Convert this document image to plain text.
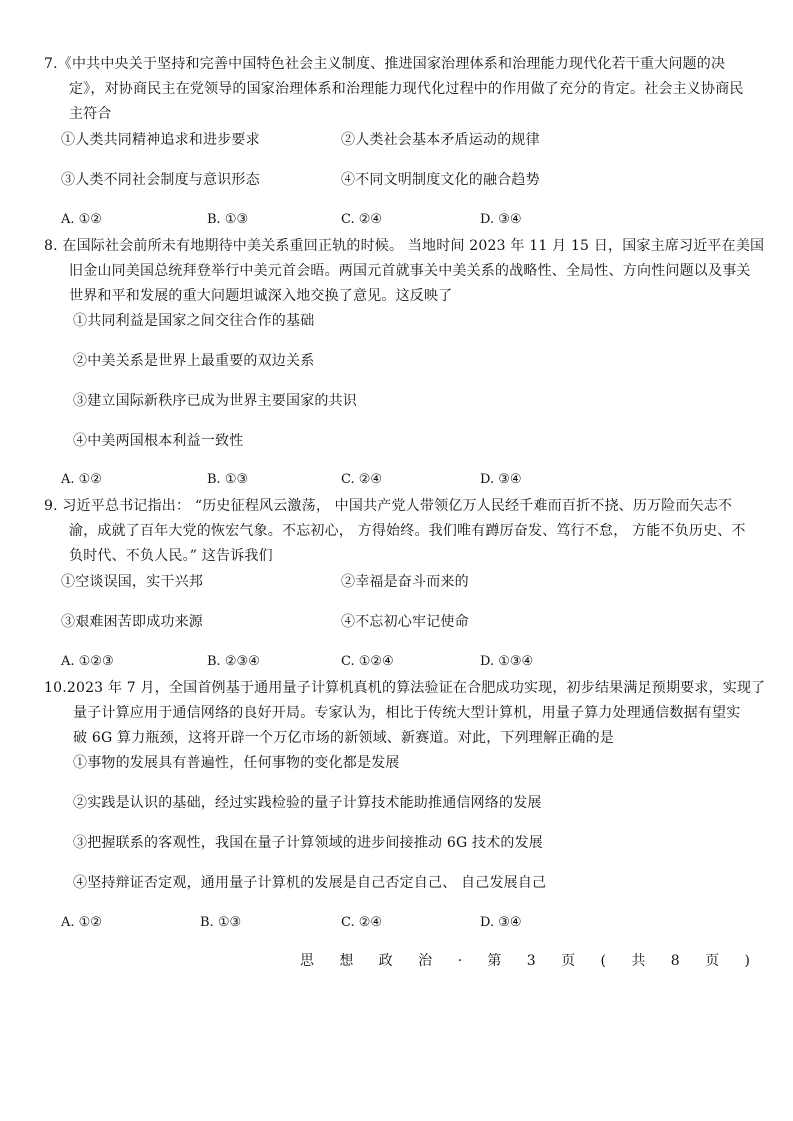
7.《中共中央关于坚持和完善中国特色社会主义制度、推进国家治理体系和治理能力现代化若干重大问题的决
定》，对协商民主在党领导的国家治理体系和治理能力现代化过程中的作用做了充分的肯定。社会主义协商民
主符合
①人类共同精神追求和进步要求	②人类社会基本矛盾运动的规律
③人类不同社会制度与意识形态	④不同文明制度文化的融合趋势
A. ①②	B. ①③	C. ②④	D. ③④
8. 在国际社会前所未有地期待中美关系重回正轨的时候。 当地时间 2023 年 11 月 15 日，国家主席习近平在美国
旧金山同美国总统拜登举行中美元首会晤。两国元首就事关中美关系的战略性、全局性、方向性问题以及事关
世界和平和发展的重大问题坦诚深入地交换了意见。这反映了
①共同利益是国家之间交往合作的基础
②中美关系是世界上最重要的双边关系
③建立国际新秩序已成为世界主要国家的共识
④中美两国根本利益一致性
A. ①②	B. ①③	C. ②④	D. ③④
9. 习近平总书记指出： “历史征程风云激荡， 中国共产党人带领亿万人民经千难而百折不挠、历万险而矢志不
渝，成就了百年大党的恢宏气象。不忘初心， 方得始终。我们唯有蹲厉奋发、笃行不怠， 方能不负历史、不
负时代、不负人民。” 这告诉我们
①空谈误国，实干兴邦	②幸福是奋斗而来的
③艰难困苦即成功来源	④不忘初心牢记使命
A. ①②③	B. ②③④	C. ①②④	D. ①③④
10.2023 年 7 月，全国首例基于通用量子计算机真机的算法验证在合肥成功实现，初步结果满足预期要求，实现了
量子计算应用于通信网络的良好开局。专家认为，相比于传统大型计算机，用量子算力处理通信数据有望实
破 6G 算力瓶颈，这将开辟一个万亿市场的新领域、新赛道。对此，下列理解正确的是
①事物的发展具有普遍性，任何事物的变化都是发展
②实践是认识的基础，经过实践检验的量子计算技术能助推通信网络的发展
③把握联系的客观性，我国在量子计算领域的进步间接推动 6G 技术的发展
④坚持辩证否定观，通用量子计算机的发展是自己否定自己、 自己发展自己
A. ①②	B. ①③	C. ②④	D. ③④
思 想 政 治 · 第 3 页 ( 共 8 页 )
